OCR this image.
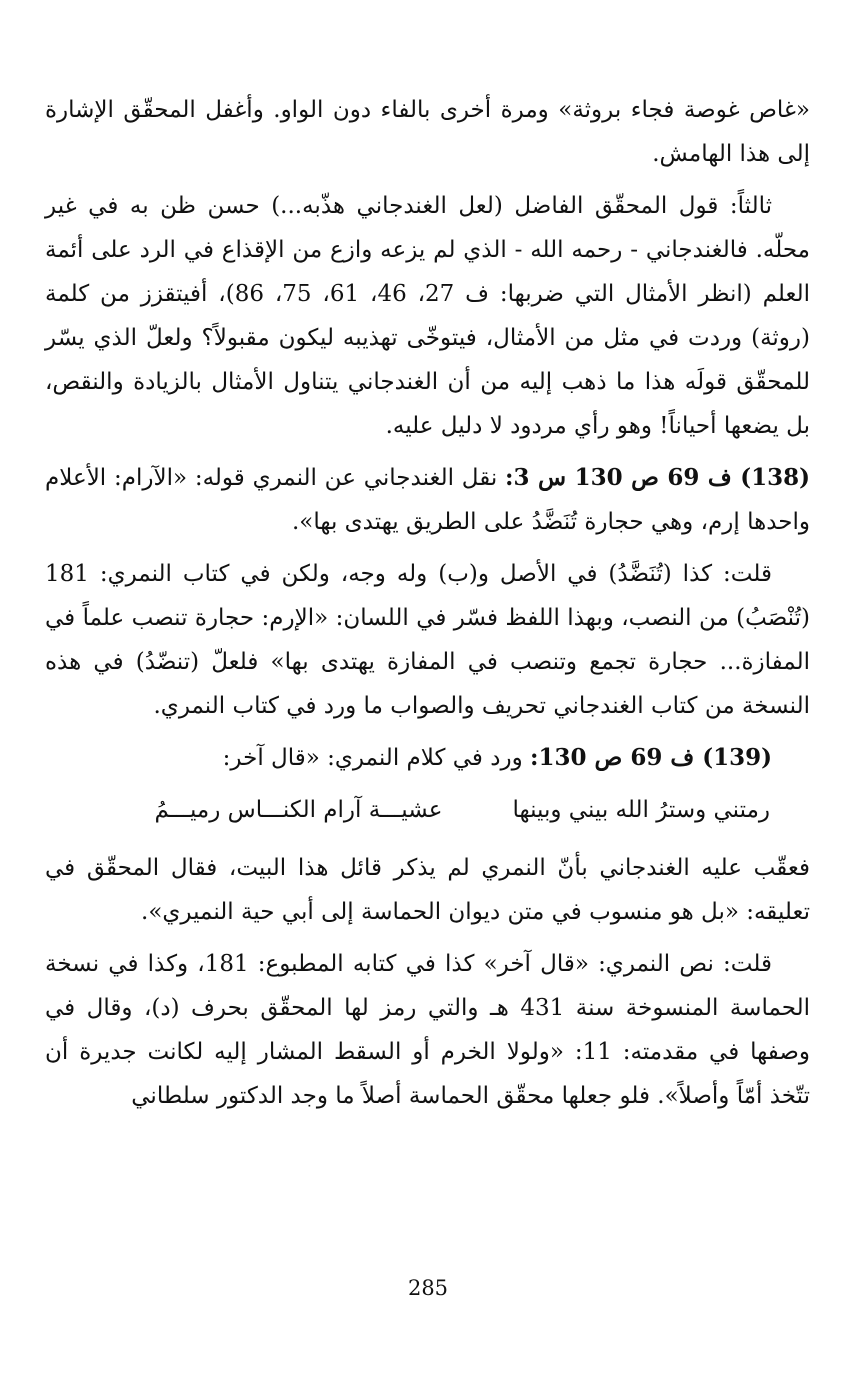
«غاص غوصة فجاء بروثة» ومرة أخرى بالفاء دون الواو. وأغفل المحقّق الإشارة إلى هذا الهامش.

ثالثاً: قول المحقّق الفاضل (لعل الغندجاني هذّبه...) حسن ظن به في غير محلّه. فالغندجاني - رحمه الله - الذي لم يزعه وازع من الإقذاع في الرد على أئمة العلم (انظر الأمثال التي ضربها: ف 27، 46، 61، 75، 86)، أفيتقزز من كلمة (روثة) وردت في مثل من الأمثال، فيتوخّى تهذيبه ليكون مقبولاً؟ ولعلّ الذي يسّر للمحقّق قولَه هذا ما ذهب إليه من أن الغندجاني يتناول الأمثال بالزيادة والنقص، بل يضعها أحياناً! وهو رأي مردود لا دليل عليه.

(138) ف 69 ص 130 س 3: نقل الغندجاني عن النمري قوله: «الآرام: الأعلام واحدها إرم، وهي حجارة تُنَضَّدُ على الطريق يهتدى بها».

قلت: كذا (تُنَضَّدُ) في الأصل و(ب) وله وجه، ولكن في كتاب النمري: 181 (تُنْصَبُ) من النصب، وبهذا اللفظ فسّر في اللسان: «الإرم: حجارة تنصب علماً في المفازة... حجارة تجمع وتنصب في المفازة يهتدى بها» فلعلّ (تنضّدُ) في هذه النسخة من كتاب الغندجاني تحريف والصواب ما ورد في كتاب النمري.

(139) ف 69 ص 130: ورد في كلام النمري: «قال آخر:

رمتني وسترُ الله بيني وبينها
عشيـــة آرام الكنـــاس رميـــمُ

فعقّب عليه الغندجاني بأنّ النمري لم يذكر قائل هذا البيت، فقال المحقّق في تعليقه: «بل هو منسوب في متن ديوان الحماسة إلى أبي حية النميري».

قلت: نص النمري: «قال آخر» كذا في كتابه المطبوع: 181، وكذا في نسخة الحماسة المنسوخة سنة 431 هـ والتي رمز لها المحقّق بحرف (د)، وقال في وصفها في مقدمته: 11: «ولولا الخرم أو السقط المشار إليه لكانت جديرة أن تتّخذ أمّاً وأصلاً». فلو جعلها محقّق الحماسة أصلاً ما وجد الدكتور سلطاني

285
